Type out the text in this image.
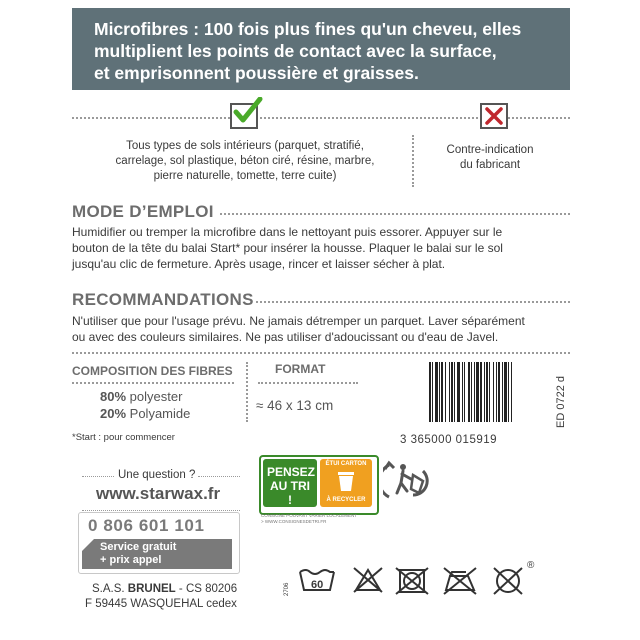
Microfibres : 100 fois plus fines qu'un cheveu, elles
multiplient les points de contact avec la surface,
et emprisonnent poussière et graisses.
Tous types de sols intérieurs (parquet, stratifié,
carrelage, sol plastique, béton ciré, résine, marbre,
pierre naturelle, tomette, terre cuite)
Contre-indication
du fabricant
MODE D’EMPLOI
Humidifier ou tremper la microfibre dans le nettoyant puis essorer. Appuyer sur le
bouton de la tête du balai Start* pour insérer la housse. Plaquer le balai sur le sol
jusqu'au clic de fermeture. Après usage, rincer et laisser sécher à plat.
RECOMMANDATIONS
N'utiliser que pour l'usage prévu. Ne jamais détremper un parquet. Laver séparément
ou avec des couleurs similaires. Ne pas utiliser d'adoucissant ou d'eau de Javel.
COMPOSITION DES FIBRES
80% polyester
20% Polyamide
*Start : pour commencer
FORMAT
≈ 46 x 13 cm
3 365000 015919
ED 0722 d
Une question ?
www.starwax.fr
0 806 601 101
Service gratuit
+ prix appel
S.A.S. BRUNEL - CS 80206
F 59445 WASQUEHAL cedex
PENSEZ
AU TRI !
ÉTUI CARTON
À RECYCLER
CONSIGNE POUVANT VARIER LOCALEMENT
> WWW.CONSIGNESDETRI.FR
2706 60
®
